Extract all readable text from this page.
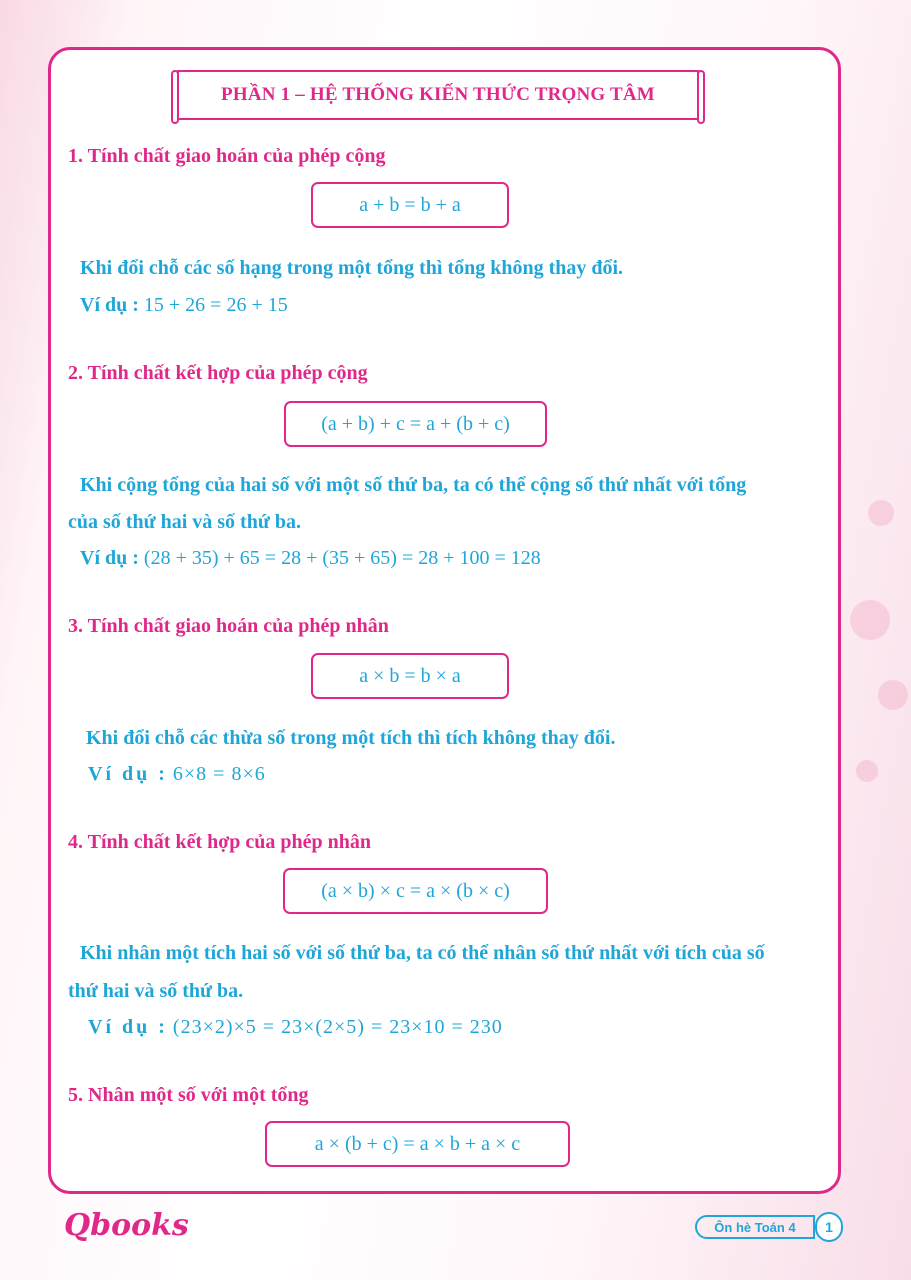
PHẦN 1 – HỆ THỐNG KIẾN THỨC TRỌNG TÂM
1. Tính chất giao hoán của phép cộng
a + b = b + a
Khi đổi chỗ các số hạng trong một tổng thì tổng không thay đổi.
Ví dụ : 15 + 26 = 26 + 15
2. Tính chất kết hợp của phép cộng
(a + b) + c = a + (b + c)
Khi cộng tổng của hai số với một số thứ ba, ta có thể cộng số thứ nhất với tổng
của số thứ hai và số thứ ba.
Ví dụ : (28 + 35) + 65 = 28 + (35 + 65) = 28 + 100 = 128
3. Tính chất giao hoán của phép nhân
a × b = b × a
Khi đổi chỗ các thừa số trong một tích thì tích không thay đổi.
Ví dụ : 6×8 = 8×6
4. Tính chất kết hợp của phép nhân
(a × b) × c = a × (b × c)
Khi nhân một tích hai số với số thứ ba, ta có thể nhân số thứ nhất với tích của số
thứ hai và số thứ ba.
Ví dụ : (23×2)×5 = 23×(2×5) = 23×10 = 230
5. Nhân một số với một tổng
a × (b + c) = a × b + a × c
Qbooks	Ôn hè Toán 4	1
